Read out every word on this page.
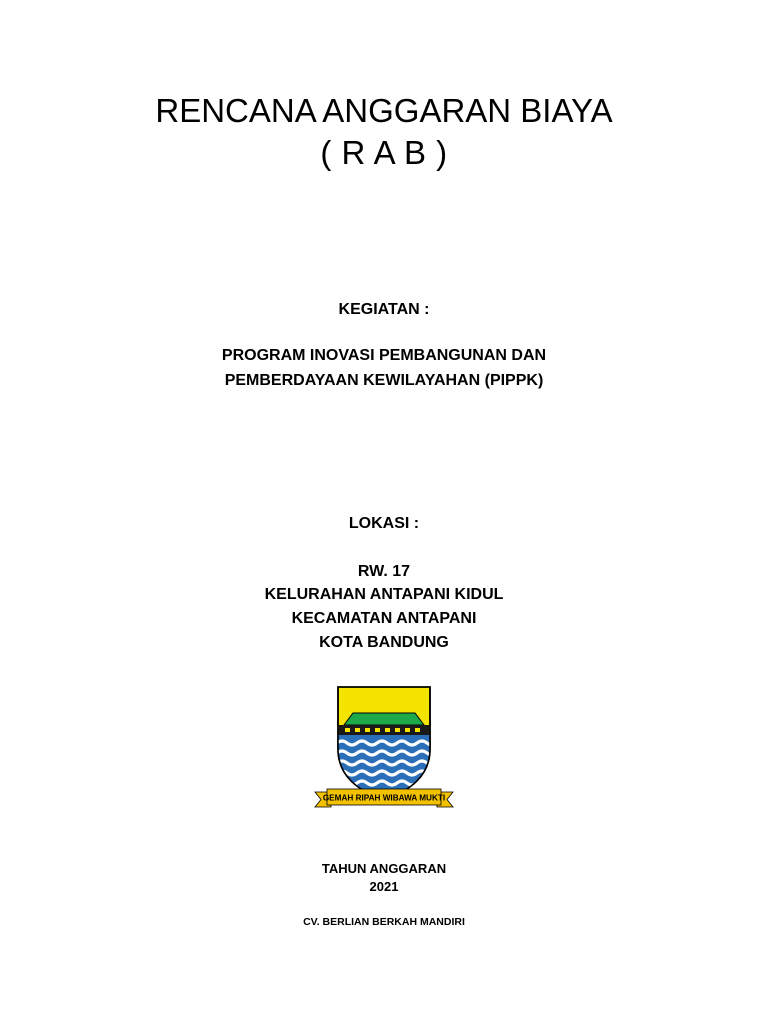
RENCANA ANGGARAN BIAYA
( R A B )
KEGIATAN :
PROGRAM INOVASI PEMBANGUNAN DAN
PEMBERDAYAAN KEWILAYAHAN (PIPPK)
LOKASI :
RW. 17
KELURAHAN ANTAPANI KIDUL
KECAMATAN ANTAPANI
KOTA BANDUNG
GEMAH RIPAH WIBAWA MUKTI
TAHUN ANGGARAN
2021
CV. BERLIAN BERKAH MANDIRI
